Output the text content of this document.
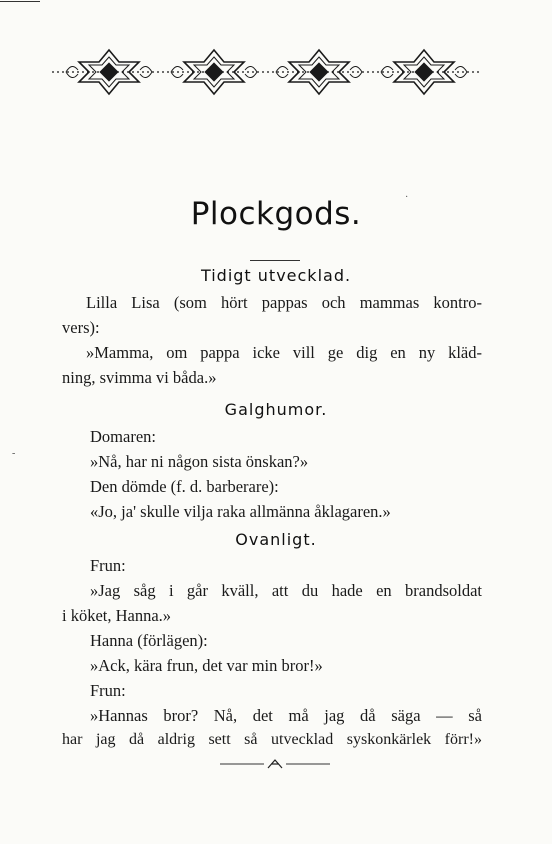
Plockgods.
Tidigt utvecklad.
Lilla Lisa (som hört pappas och mammas kontro-
vers):
»Mamma, om pappa icke vill ge dig en ny kläd-
ning, svimma vi båda.»
Galghumor.
Domaren:
»Nå, har ni någon sista önskan?»
Den dömde (f. d. barberare):
«Jo, ja' skulle vilja raka allmänna åklagaren.»
Ovanligt.
Frun:
»Jag såg i går kväll, att du hade en brandsoldat
i köket, Hanna.»
Hanna (förlägen):
»Ack, kära frun, det var min bror!»
Frun:
»Hannas bror? Nå, det må jag då säga — så
har jag då aldrig sett så utvecklad syskonkärlek förr!»
·
-
